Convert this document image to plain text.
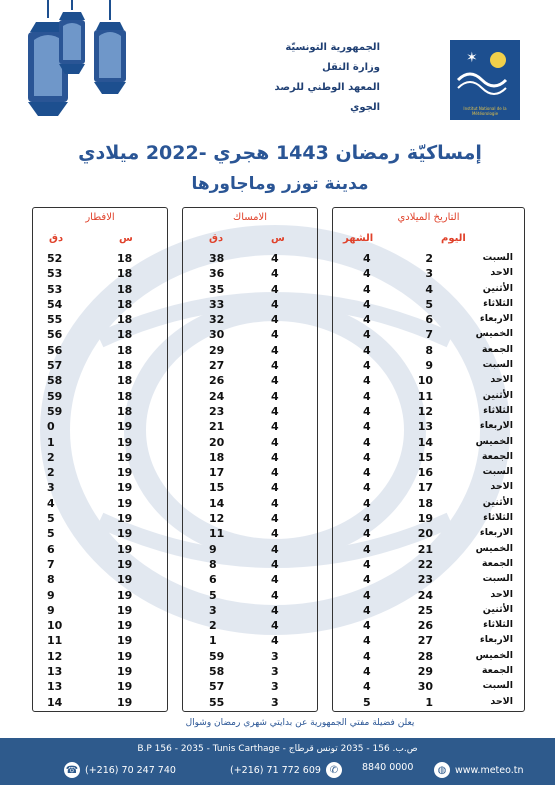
الجمهورية التونسيّة
وزارة النقل
المعهد الوطني للرصد الجوي
✶
Institut National de la Météorologie
إمساكيّة رمضان 1443 هجري -2022 ميلادي
مدينة توزر وماجاورها
الافطار
دق	س
52	18
53	18
53	18
54	18
55	18
56	18
56	18
57	18
58	18
59	18
59	18
0	19
1	19
2	19
2	19
3	19
4	19
5	19
5	19
6	19
7	19
8	19
9	19
9	19
10	19
11	19
12	19
13	19
13	19
14	19
الامساك
دق	س
38	4
36	4
35	4
33	4
32	4
30	4
29	4
27	4
26	4
24	4
23	4
21	4
20	4
18	4
17	4
15	4
14	4
12	4
11	4
9	4
8	4
6	4
5	4
3	4
2	4
1	4
59	3
58	3
57	3
55	3
التاريخ الميلادي
الشهر	اليوم
4	2	السبت
4	3	الاحد
4	4	الأثنين
4	5	الثلاثاء
4	6	الاربعاء
4	7	الخميس
4	8	الجمعة
4	9	السبت
4	10	الاحد
4	11	الأثنين
4	12	الثلاثاء
4	13	الاربعاء
4	14	الخميس
4	15	الجمعة
4	16	السبت
4	17	الاحد
4	18	الأثنين
4	19	الثلاثاء
4	20	الاربعاء
4	21	الخميس
4	22	الجمعة
4	23	السبت
4	24	الاحد
4	25	الأثنين
4	26	الثلاثاء
4	27	الاربعاء
4	28	الخميس
4	29	الجمعة
4	30	السبت
5	1	الاحد
يعلن فضيلة مفتي الجمهورية عن بدايتي شهري رمضان وشوال
B.P 156 - 2035 - Tunis Carthage - ص.ب. 156 - 2035 تونس قرطاج
☎ (+216) 70 247 740	(+216) 71 772 609 ✆	8840 0000	◍ www.meteo.tn
